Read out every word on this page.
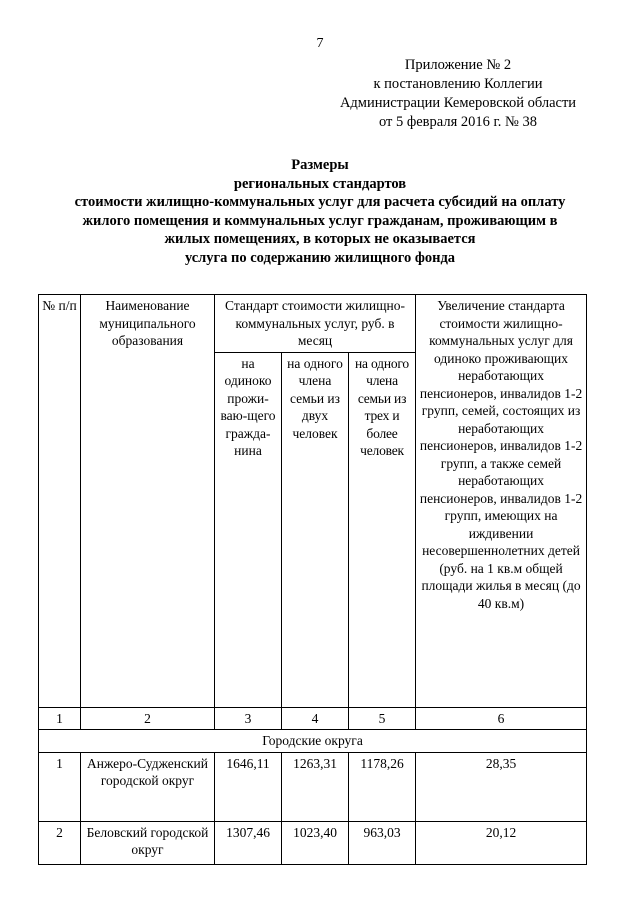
7
Приложение № 2
к постановлению Коллегии
Администрации Кемеровской области
от 5 февраля 2016 г. № 38
Размеры
региональных стандартов
стоимости жилищно-коммунальных услуг для расчета субсидий на оплату
жилого помещения и коммунальных услуг гражданам, проживающим в
жилых помещениях, в которых не оказывается
услуга по содержанию жилищного фонда
№ п/п	Наименование муниципального образования	Стандарт стоимости жилищно-коммунальных услуг, руб. в месяц			Увеличение стандарта стоимости жилищно-коммунальных услуг для одиноко проживающих неработающих пенсионеров, инвалидов 1-2 групп, семей, состоящих из неработающих пенсионеров, инвалидов 1-2 групп, а также семей неработающих пенсионеров, инвалидов 1-2 групп, имеющих на иждивении несовершеннолетних детей (руб. на 1 кв.м общей площади жилья в месяц (до 40 кв.м)
		на одиноко прожи-ваю-щего гражда-нина	на одного члена семьи из двух человек	на одного члена семьи из трех и более человек	
1	2	3	4	5	6
Городские округа					
1	Анжеро-Судженский городской округ	1646,11	1263,31	1178,26	28,35
2	Беловский городской округ	1307,46	1023,40	963,03	20,12
